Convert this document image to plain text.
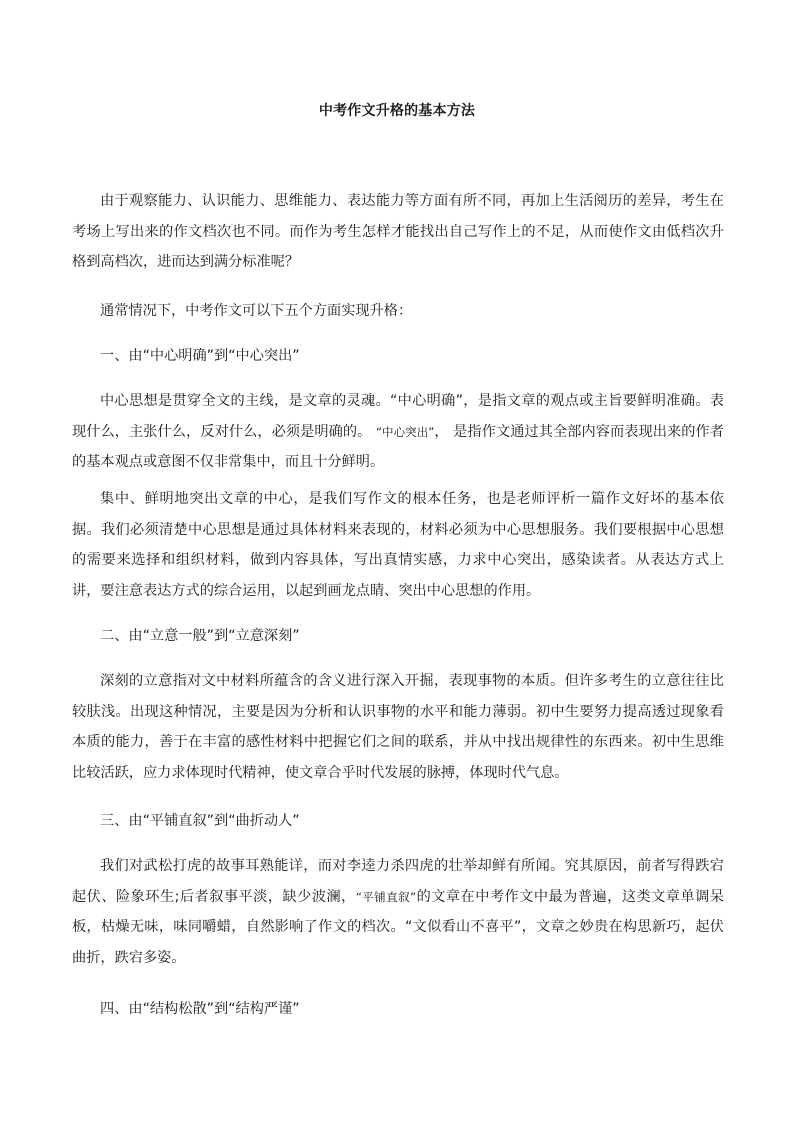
中考作文升格的基本方法
由于观察能力、认识能力、思维能力、表达能力等方面有所不同，再加上生活阅历的差异，考生在考场上写出来的作文档次也不同。而作为考生怎样才能找出自己写作上的不足，从而使作文由低档次升格到高档次，进而达到满分标准呢？
通常情况下，中考作文可以下五个方面实现升格：
一、由“中心明确”到“中心突出”
中心思想是贯穿全文的主线，是文章的灵魂。“中心明确”，是指文章的观点或主旨要鲜明准确。表现什么，主张什么，反对什么，必须是明确的。 “中心突出”， 是指作文通过其全部内容而表现出来的作者的基本观点或意图不仅非常集中，而且十分鲜明。
集中、鲜明地突出文章的中心，是我们写作文的根本任务，也是老师评析一篇作文好坏的基本依据。我们必须清楚中心思想是通过具体材料来表现的，材料必须为中心思想服务。我们要根据中心思想的需要来选择和组织材料，做到内容具体，写出真情实感，力求中心突出，感染读者。从表达方式上讲，要注意表达方式的综合运用，以起到画龙点睛、突出中心思想的作用。
二、由“立意一般”到“立意深刻”
深刻的立意指对文中材料所蕴含的含义进行深入开掘，表现事物的本质。但许多考生的立意往往比较肤浅。出现这种情况，主要是因为分析和认识事物的水平和能力薄弱。初中生要努力提高透过现象看本质的能力，善于在丰富的感性材料中把握它们之间的联系，并从中找出规律性的东西来。初中生思维比较活跃，应力求体现时代精神，使文章合乎时代发展的脉搏，体现时代气息。
三、由“平铺直叙”到“曲折动人”
我们对武松打虎的故事耳熟能详，而对李逵力杀四虎的壮举却鲜有所闻。究其原因，前者写得跌宕起伏、险象环生;后者叙事平淡，缺少波澜，“平铺直叙”的文章在中考作文中最为普遍，这类文章单调呆板，枯燥无味，味同嚼蜡，自然影响了作文的档次。“文似看山不喜平”，文章之妙贵在构思新巧，起伏曲折，跌宕多姿。
四、由“结构松散”到“结构严谨”
